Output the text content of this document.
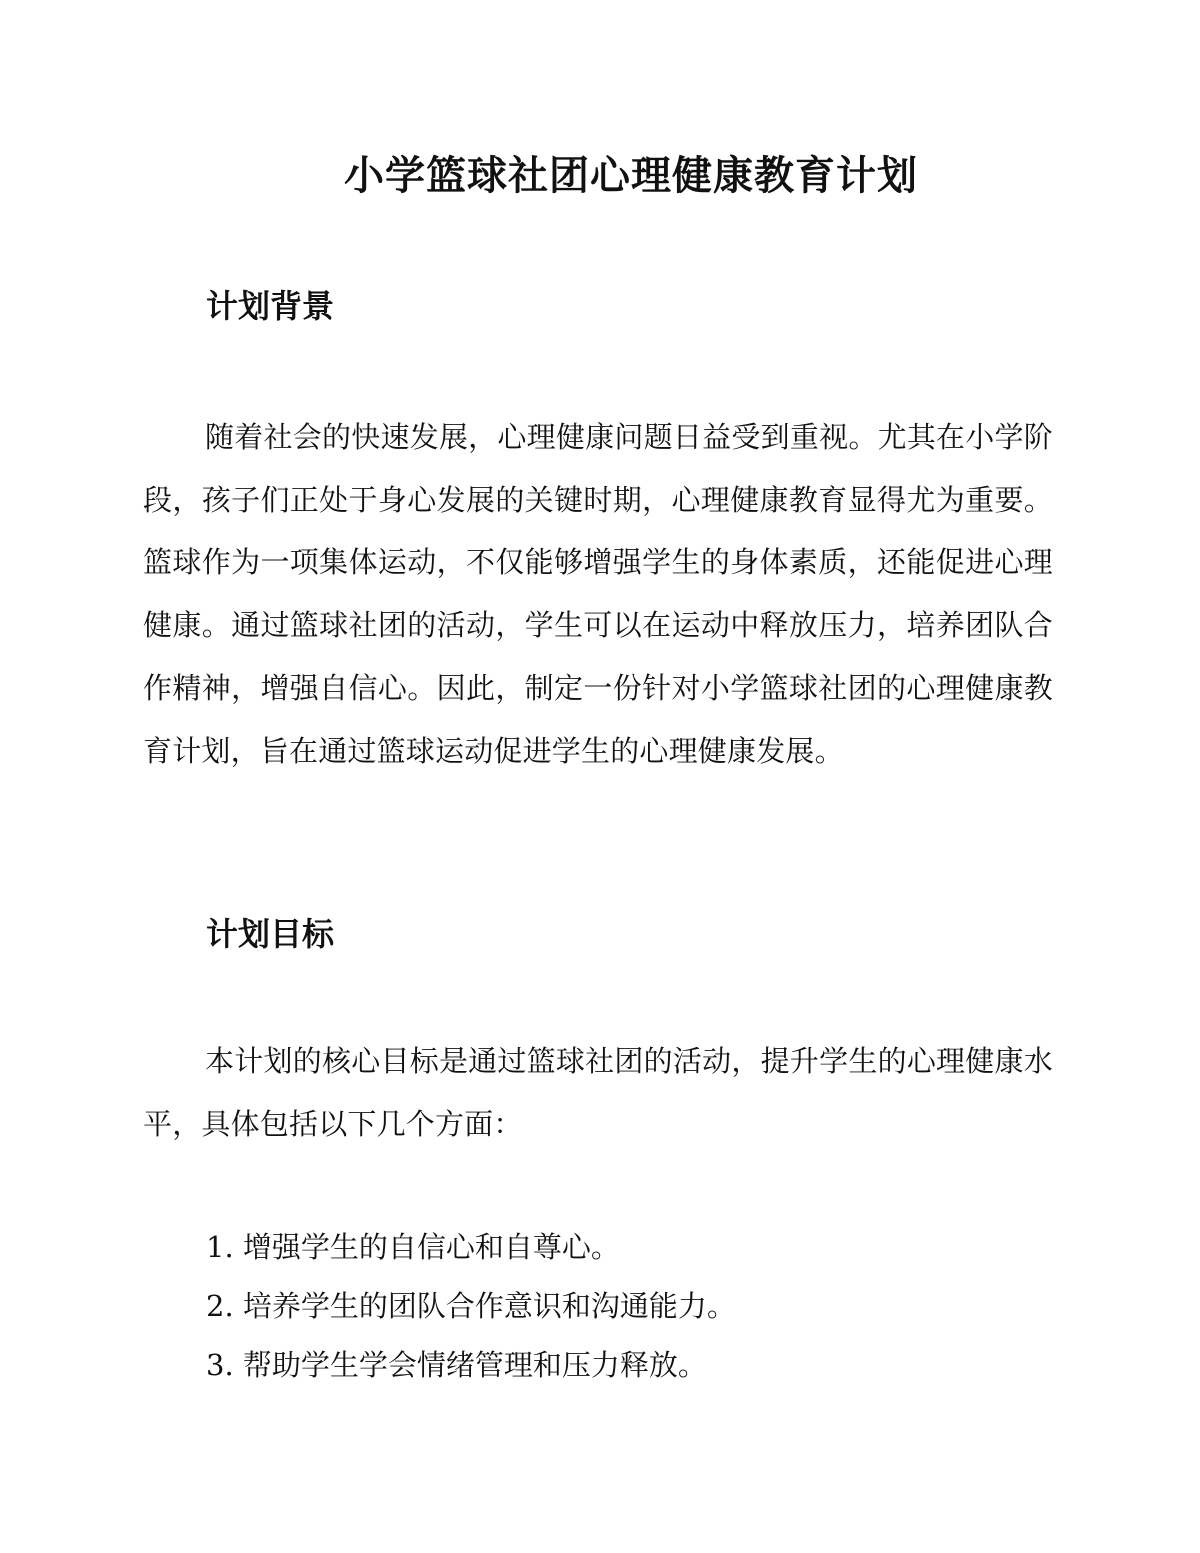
小学篮球社团心理健康教育计划
计划背景

随着社会的快速发展，心理健康问题日益受到重视。尤其在小学阶段，孩子们正处于身心发展的关键时期，心理健康教育显得尤为重要。篮球作为一项集体运动，不仅能够增强学生的身体素质，还能促进心理健康。通过篮球社团的活动，学生可以在运动中释放压力，培养团队合作精神，增强自信心。因此，制定一份针对小学篮球社团的心理健康教育计划，旨在通过篮球运动促进学生的心理健康发展。

计划目标

本计划的核心目标是通过篮球社团的活动，提升学生的心理健康水平，具体包括以下几个方面：

1. 增强学生的自信心和自尊心。
2. 培养学生的团队合作意识和沟通能力。
3. 帮助学生学会情绪管理和压力释放。
